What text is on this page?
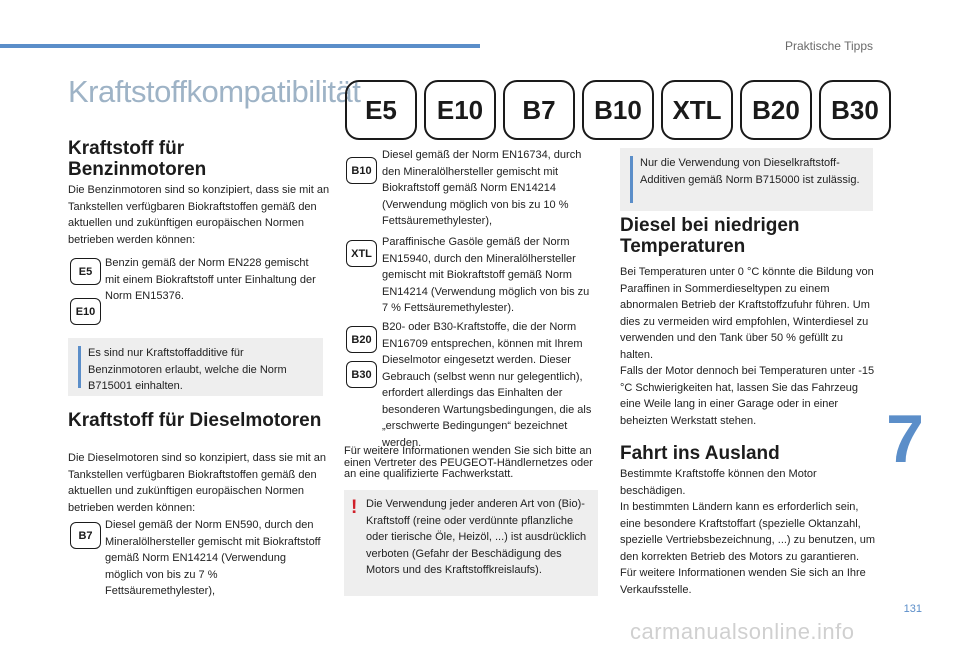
Praktische Tipps
Kraftstoffkompatibilität
E5	E10	B7	B10	XTL	B20	B30
Kraftstoff für Benzinmotoren
Die Benzinmotoren sind so konzipiert, dass sie mit an Tankstellen verfügbaren Biokraftstoffen gemäß den aktuellen und zukünftigen europäischen Normen betrieben werden können:
E5
E10
Benzin gemäß der Norm EN228 gemischt mit einem Biokraftstoff unter Einhaltung der Norm EN15376.
Es sind nur Kraftstoffadditive für Benzinmotoren erlaubt, welche die Norm B715001 einhalten.
Kraftstoff für Dieselmotoren
Die Dieselmotoren sind so konzipiert, dass sie mit an Tankstellen verfügbaren Biokraftstoffen gemäß den aktuellen und zukünftigen europäischen Normen betrieben werden können:
B7
Diesel gemäß der Norm EN590, durch den Mineralölhersteller gemischt mit Biokraftstoff gemäß Norm EN14214 (Verwendung möglich von bis zu 7 % Fettsäuremethylester),
B10
Diesel gemäß der Norm EN16734, durch den Mineralölhersteller gemischt mit Biokraftstoff gemäß Norm EN14214 (Verwendung möglich von bis zu 10 % Fettsäuremethylester),
XTL
Paraffinische Gasöle gemäß der Norm EN15940, durch den Mineralölhersteller gemischt mit Biokraftstoff gemäß Norm EN14214 (Verwendung möglich von bis zu 7 % Fettsäuremethylester).
B20
B30
B20- oder B30-Kraftstoffe, die der Norm EN16709 entsprechen, können mit Ihrem Dieselmotor eingesetzt werden. Dieser Gebrauch (selbst wenn nur gelegentlich), erfordert allerdings das Einhalten der besonderen Wartungsbedingungen, die als „erschwerte Bedingungen“ bezeichnet werden.
Für weitere Informationen wenden Sie sich bitte an einen Vertreter des PEUGEOT-Händlernetzes oder an eine qualifizierte Fachwerkstatt.
! Die Verwendung jeder anderen Art von (Bio)-Kraftstoff (reine oder verdünnte pflanzliche oder tierische Öle, Heizöl, ...) ist ausdrücklich verboten (Gefahr der Beschädigung des Motors und des Kraftstoffkreislaufs).
Nur die Verwendung von Dieselkraftstoff-Additiven gemäß Norm B715000 ist zulässig.
Diesel bei niedrigen Temperaturen
Bei Temperaturen unter 0 °C könnte die Bildung von Paraffinen in Sommerdieseltypen zu einem abnormalen Betrieb der Kraftstoffzufuhr führen. Um dies zu vermeiden wird empfohlen, Winterdiesel zu verwenden und den Tank über 50 % gefüllt zu halten.
Falls der Motor dennoch bei Temperaturen unter -15 °C Schwierigkeiten hat, lassen Sie das Fahrzeug eine Weile lang in einer Garage oder in einer beheizten Werkstatt stehen.
Fahrt ins Ausland
Bestimmte Kraftstoffe können den Motor beschädigen.
In bestimmten Ländern kann es erforderlich sein, eine besondere Kraftstoffart (spezielle Oktanzahl, spezielle Vertriebsbezeichnung, ...) zu benutzen, um den korrekten Betrieb des Motors zu garantieren.
Für weitere Informationen wenden Sie sich an Ihre Verkaufsstelle.
7
131
carmanualsonline.info
